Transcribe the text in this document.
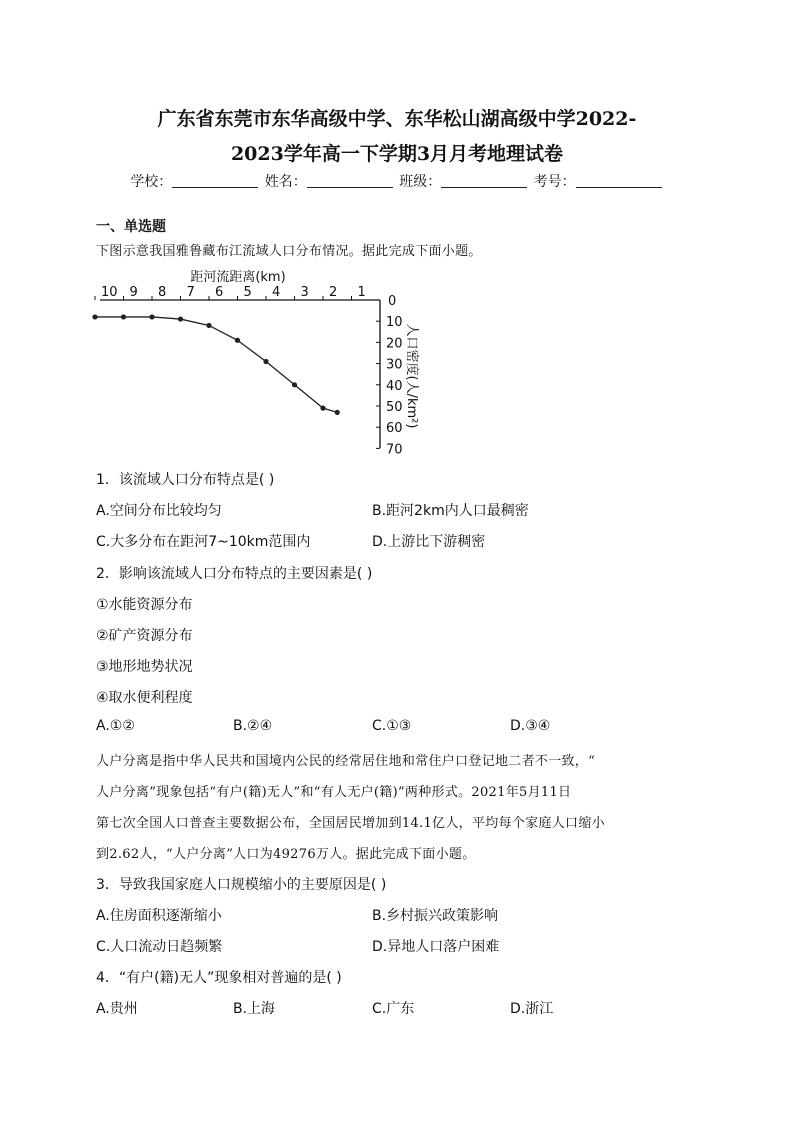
广东省东莞市东华高级中学、东华松山湖高级中学2022-
2023学年高一下学期3月月考地理试卷
学校：	姓名：	班级：	考号：
一、单选题
下图示意我国雅鲁藏布江流域人口分布情况。据此完成下面小题。
距河流距离(km)
人口密度(人/km²)
10 9 8 7 6 5 4 3 2 1
0
10
20
30
40
50
60
70
1．该流域人口分布特点是( )
A.空间分布比较均匀	B.距河2km内人口最稠密
C.大多分布在距河7~10km范围内	D.上游比下游稠密
2．影响该流域人口分布特点的主要因素是( )
①水能资源分布
②矿产资源分布
③地形地势状况
④取水便利程度
A.①②	B.②④	C.①③	D.③④
人户分离是指中华人民共和国境内公民的经常居住地和常住户口登记地二者不一致，“
人户分离”现象包括“有户(籍)无人”和“有人无户(籍)”两种形式。2021年5月11日
第七次全国人口普查主要数据公布，全国居民增加到14.1亿人，平均每个家庭人口缩小
到2.62人，“人户分离”人口为49276万人。据此完成下面小题。
3．导致我国家庭人口规模缩小的主要原因是( )
A.住房面积逐渐缩小	B.乡村振兴政策影响
C.人口流动日趋频繁	D.异地人口落户困难
4．“有户(籍)无人”现象相对普遍的是( )
A.贵州	B.上海	C.广东	D.浙江
